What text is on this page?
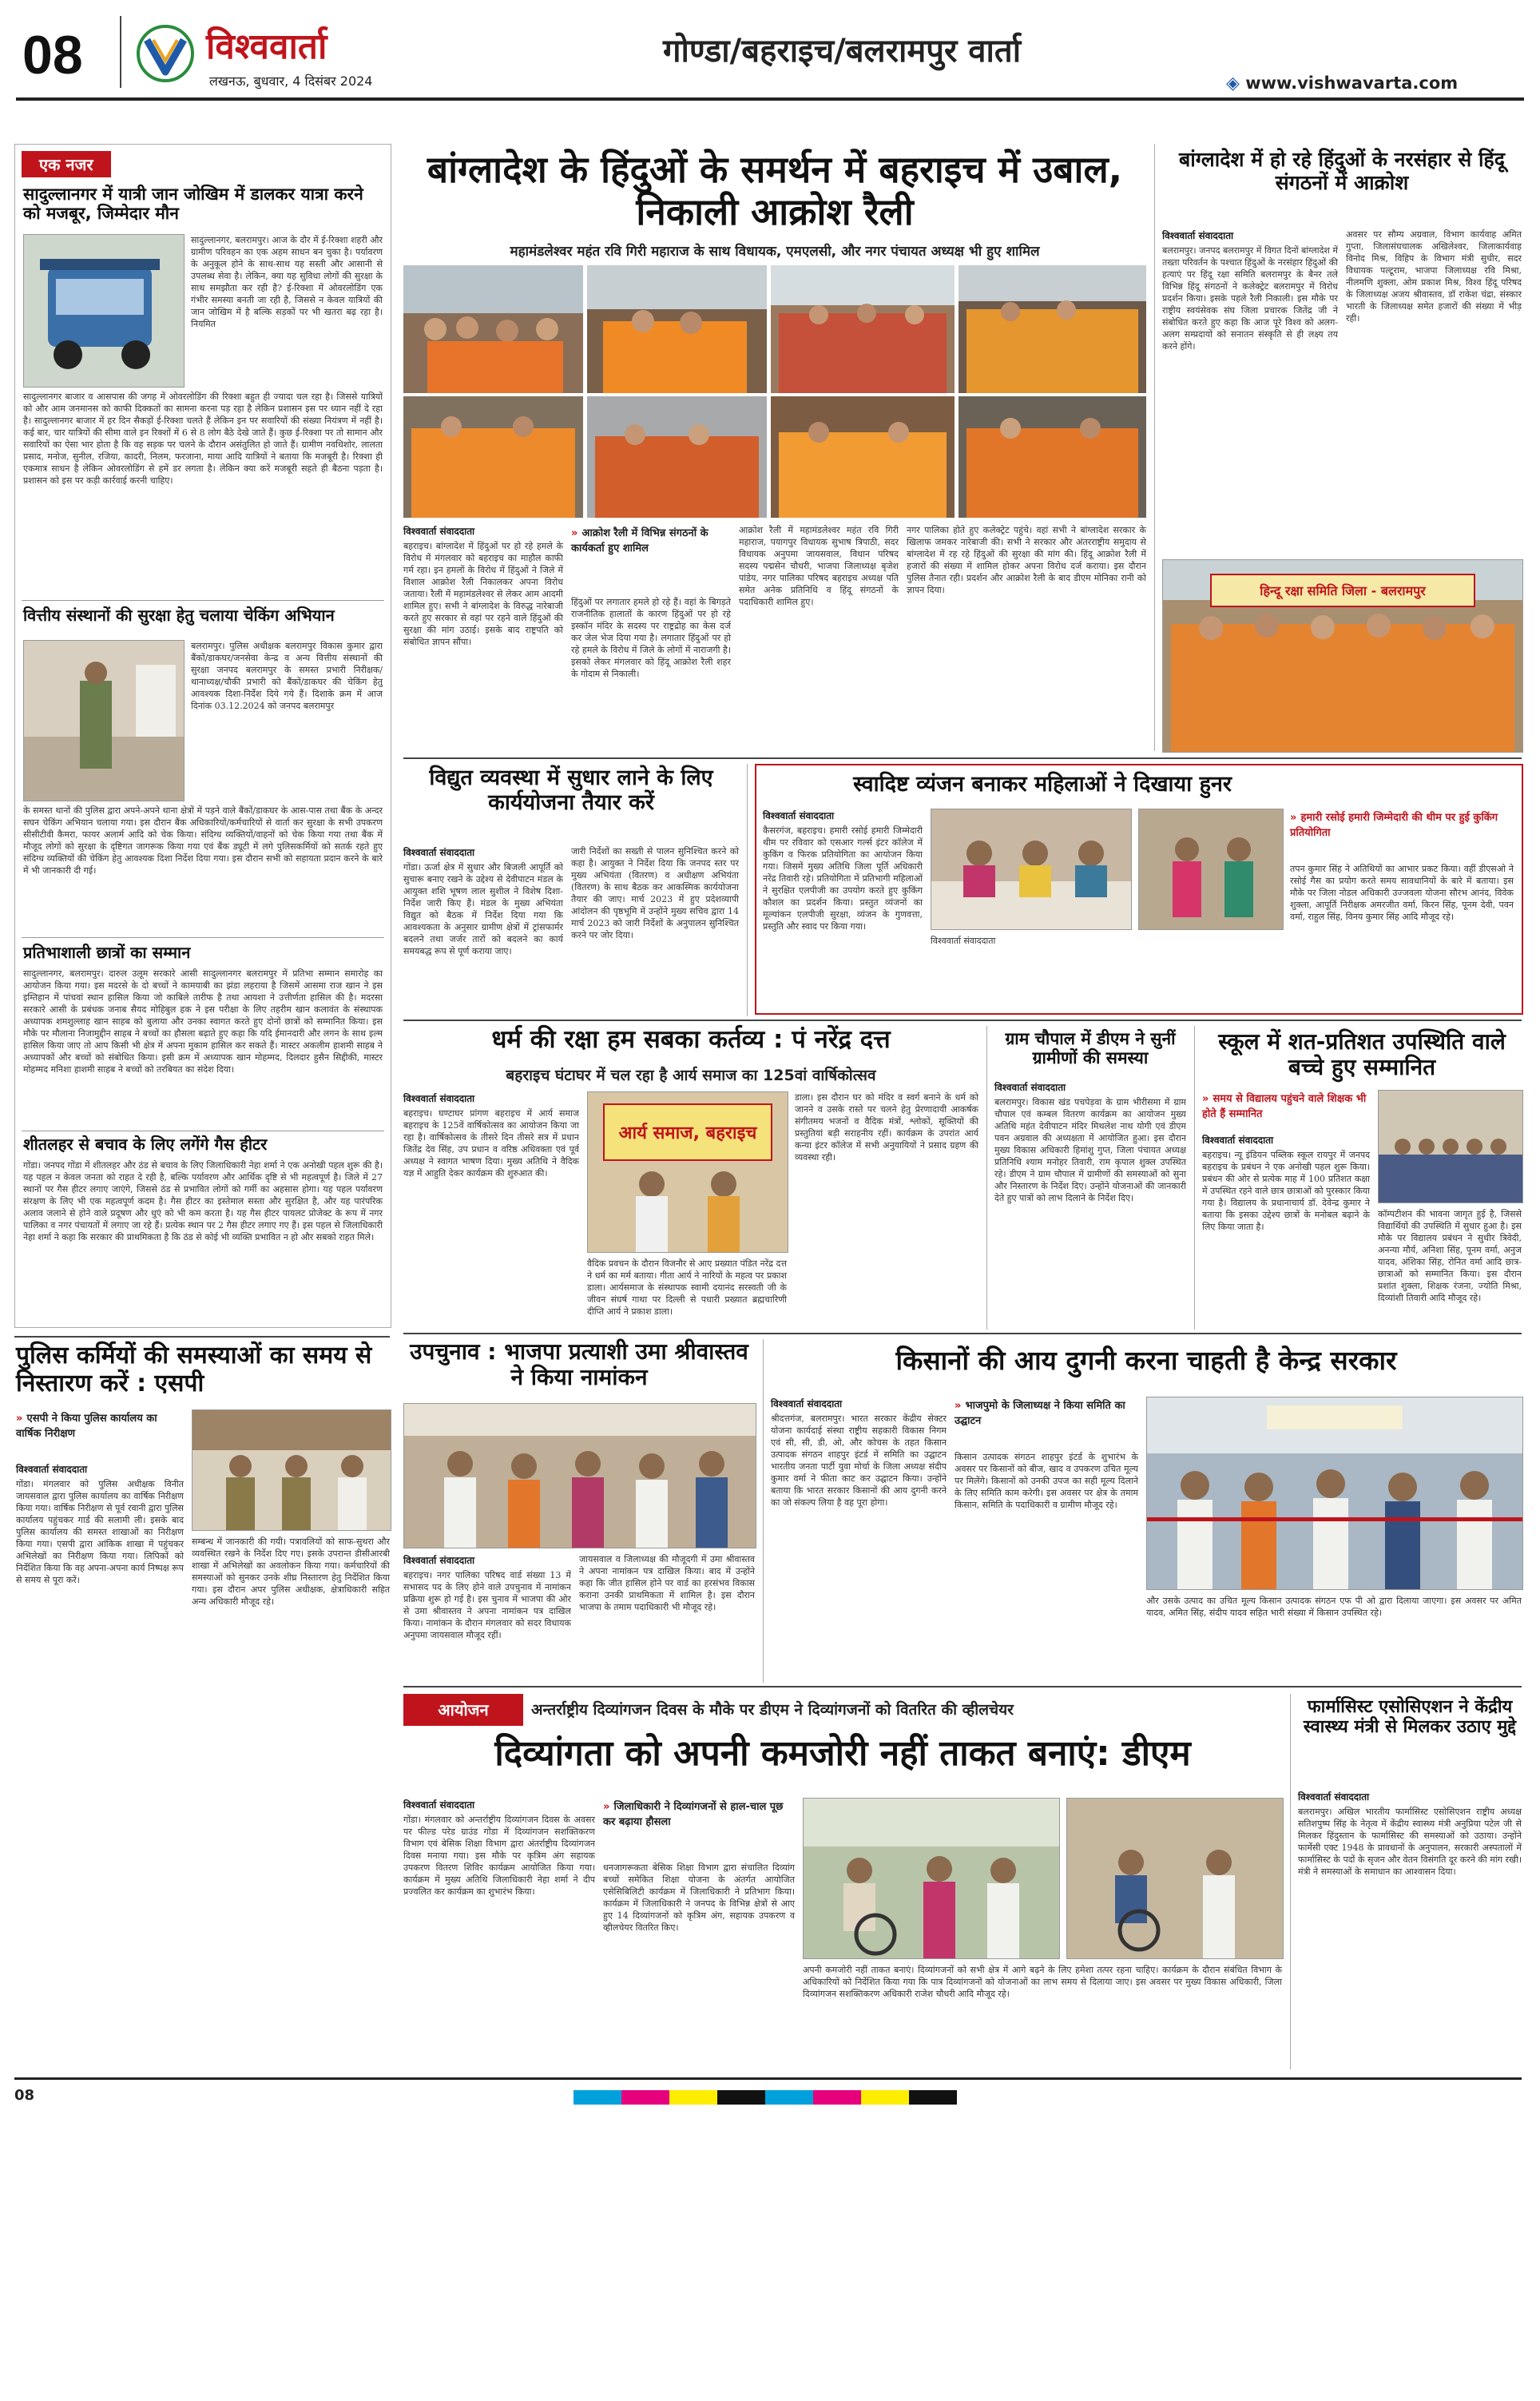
08	विश्ववार्ता
लखनऊ, बुधवार, 4 दिसंबर 2024
गोण्डा/बहराइच/बलरामपुर वार्ता
◈ www.vishwavarta.com
एक नजर
सादुल्लानगर में यात्री जान जोखिम में डालकर यात्रा करने को मजबूर, जिम्मेदार मौन
सादुल्लानगर, बलरामपुर। आज के दौर में ई-रिक्शा शहरी और ग्रामीण परिवहन का एक अहम साधन बन चुका है। पर्यावरण के अनुकूल होने के साथ-साथ यह सस्ती और आसानी से उपलब्ध सेवा है। लेकिन, क्या यह सुविधा लोगों की सुरक्षा के साथ समझौता कर रही है? ई-रिक्शा में ओवरलोडिंग एक गंभीर समस्या बनती जा रही है, जिससे न केवल यात्रियों की जान जोखिम में है बल्कि सड़कों पर भी खतरा बढ़ रहा है। नियमित
सादुल्लानगर बाजार व आसपास की जगह में ओवरलोडिंग की रिक्शा बहुत ही ज्यादा चल रहा है। जिससे यात्रियों को और आम जनमानस को काफी दिक्कतों का सामना करना पड़ रहा है लेकिन प्रशासन इस पर ध्यान नहीं दे रहा है। सादुल्लानगर बाजार में हर दिन सैकड़ों ई-रिक्शा चलते हैं लेकिन इन पर सवारियों की संख्या नियंत्रण में नहीं है। कई बार, चार यात्रियों की सीमा वाले इन रिक्शों में 6 से 8 लोग बैठे देखे जाते हैं। कुछ ई-रिक्शा पर तो सामान और सवारियों का ऐसा भार होता है कि वह सड़क पर चलने के दौरान असंतुलित हो जाते हैं। ग्रामीण नवधिशोर, लालता प्रसाद, मनोज, सुनील, रजिया, कादरी, निलम, फरजाना, माया आदि यात्रियों ने बताया कि मजबूरी है। रिक्शा ही एकमात्र साधन है लेकिन ओवरलोडिंग से हमें डर लगता है। लेकिन क्या करें मजबूरी सहते ही बैठना पड़ता है। प्रशासन को इस पर कड़ी कार्रवाई करनी चाहिए।
वित्तीय संस्थानों की सुरक्षा हेतु चलाया चेकिंग अभियान
बलरामपुर। पुलिस अधीक्षक बलरामपुर विकास कुमार द्वारा बैंकों/डाकघर/जनसेवा केन्द्र व अन्य वित्तीय संस्थानों की सुरक्षा जनपद बलरामपुर के समस्त प्रभारी निरीक्षक/थानाध्यक्ष/चौकी प्रभारी को बैंकों/डाकघर की चेकिंग हेतु आवश्यक दिशा-निर्देश दिये गये हैं। दिशाके क्रम में आज दिनांक 03.12.2024 को जनपद बलरामपुर
के समस्त थानों की पुलिस द्वारा अपने-अपने थाना क्षेत्रों में पड़ने वाले बैंकों/डाकघर के आस-पास तथा बैंक के अन्दर सघन चेकिंग अभियान चलाया गया। इस दौरान बैंक अधिकारियों/कर्मचारियों से वार्ता कर सुरक्षा के सभी उपकरण सीसीटीवी कैमरा, फायर अलार्म आदि को चेक किया। संदिग्ध व्यक्तियों/वाहनों को चेक किया गया तथा बैंक में मौजूद लोगों को सुरक्षा के दृष्टिगत जागरूक किया गया एवं बैंक ड्यूटी में लगे पुलिसकर्मियों को सतर्क रहते हुए संदिग्ध व्यक्तियों की चेकिंग हेतु आवश्यक दिशा निर्देश दिया गया। इस दौरान सभी को सहायता प्रदान करने के बारे में भी जानकारी दी गई।
प्रतिभाशाली छात्रों का सम्मान
सादुल्लानगर, बलरामपुर। दारुल उलूम सरकारे आसी सादुल्लानगर बलरामपुर में प्रतिभा सम्मान समारोह का आयोजन किया गया। इस मदरसे के दो बच्चों ने कामयाबी का झंडा लहराया है जिसमें आसमा राज खान ने इस इम्तिहान में पांचवां स्थान हासिल किया जो काबिले तारीफ है तथा आयशा ने उत्तीर्णता हासिल की है। मदरसा सरकारे आसी के प्रबंधक जनाब सैयद मोहिबुल हक ने इस परीक्षा के लिए तहरीम खान कलावंत के संस्थापक अध्यापक शमशुल्लाह खान साहब को बुलाया और उनका स्वागत करते हुए दोनों छात्रों को सम्मानित किया। इस मौके पर मौलाना निजामुद्दीन साहब ने बच्चों का हौसला बढ़ाते हुए कहा कि यदि ईमानदारी और लगन के साथ इल्म हासिल किया जाए तो आप किसी भी क्षेत्र में अपना मुकाम हासिल कर सकते हैं। मास्टर अकलीम हाशमी साहब ने अध्यापकों और बच्चों को संबोधित किया। इसी क्रम में अध्यापक खान मोहम्मद, दिलदार हुसैन सिद्दीकी, मास्टर मोहम्मद मनिशा हाशमी साहब ने बच्चों को तरबियत का संदेश दिया।
शीतलहर से बचाव के लिए लगेंगे गैस हीटर
गोंडा। जनपद गोंडा में शीतलहर और ठंड से बचाव के लिए जिलाधिकारी नेहा शर्मा ने एक अनोखी पहल शुरू की है। यह पहल न केवल जनता को राहत दे रही है, बल्कि पर्यावरण और आर्थिक दृष्टि से भी महत्वपूर्ण है। जिले में 27 स्थानों पर गैस हीटर लगाए जाएंगे, जिससे ठंड से प्रभावित लोगों को गर्मी का अहसास होगा। यह पहल पर्यावरण संरक्षण के लिए भी एक महत्वपूर्ण कदम है। गैस हीटर का इस्तेमाल सस्ता और सुरक्षित है, और यह पारंपरिक अलाव जलाने से होने वाले प्रदूषण और धुएं को भी कम करता है। यह गैस हीटर पायलट प्रोजेक्ट के रूप में नगर पालिका व नगर पंचायतों में लगाए जा रहे हैं। प्रत्येक स्थान पर 2 गैस हीटर लगाए गए हैं। इस पहल से जिलाधिकारी नेहा शर्मा ने कहा कि सरकार की प्राथमिकता है कि ठंड से कोई भी व्यक्ति प्रभावित न हो और सबको राहत मिले।
बांग्लादेश के हिंदुओं के समर्थन में बहराइच में उबाल, निकाली आक्रोश रैली
महामंडलेश्वर महंत रवि गिरी महाराज के साथ विधायक, एमएलसी, और नगर पंचायत अध्यक्ष भी हुए शामिल
विश्ववार्ता संवाददाता
बहराइच। बांग्लादेश में हिंदुओं पर हो रहे हमले के विरोध में मंगलवार को बहराइच का माहौल काफी गर्म रहा। इन हमलों के विरोध में हिंदुओं ने जिले में विशाल आक्रोश रैली निकालकर अपना विरोध जताया। रैली में महामंडलेश्वर से लेकर आम आदमी शामिल हुए। सभी ने बांग्लादेश के विरुद्ध नारेबाजी करते हुए सरकार से वहां पर रहने वाले हिंदुओं की सुरक्षा की मांग उठाई। इसके बाद राष्ट्रपति को संबोधित ज्ञापन सौंपा।
» आक्रोश रैली में विभिन्न संगठनों के कार्यकर्ता हुए शामिल
हिंदुओं पर लगातार हमले हो रहे हैं। वहां के बिगड़ते राजनीतिक हालातों के कारण हिंदुओं पर हो रहे इस्कॉन मंदिर के सदस्य पर राष्ट्रद्रोह का केस दर्ज कर जेल भेज दिया गया है। लगातार हिंदुओं पर हो रहे हमले के विरोध में जिले के लोगों में नाराजगी है। इसको लेकर मंगलवार को हिंदू आक्रोश रैली शहर के गोदाम से निकाली।
आक्रोश रैली में महामंडलेश्वर महंत रवि गिरी महाराज, पयागपुर विधायक सुभाष त्रिपाठी, सदर विधायक अनुपमा जायसवाल, विधान परिषद सदस्य पद्मसेन चौधरी, भाजपा जिलाध्यक्ष बृजेश पांडेय, नगर पालिका परिषद बहराइच अध्यक्ष पति समेत अनेक प्रतिनिधि व हिंदू संगठनों के पदाधिकारी शामिल हुए।
नगर पालिका होते हुए कलेक्ट्रेट पहुंचे। वहां सभी ने बांग्लादेश सरकार के खिलाफ जमकर नारेबाजी की। सभी ने सरकार और अंतरराष्ट्रीय समुदाय से बांग्लादेश में रह रहे हिंदुओं की सुरक्षा की मांग की। हिंदू आक्रोश रैली में हजारों की संख्या में शामिल होकर अपना विरोध दर्ज कराया। इस दौरान पुलिस तैनात रही। प्रदर्शन और आक्रोश रैली के बाद डीएम मोनिका रानी को ज्ञापन दिया।
बांग्लादेश में हो रहे हिंदुओं के नरसंहार से हिंदू संगठनों में आक्रोश
विश्ववार्ता संवाददाता
बलरामपुर। जनपद बलरामपुर में विगत दिनों बांग्लादेश में तख्ता परिवर्तन के पश्चात हिंदुओं के नरसंहार हिंदुओं की हत्याएं पर हिंदू रक्षा समिति बलरामपुर के बैनर तले विभिन्न हिंदू संगठनों ने कलेक्ट्रेट बलरामपुर में विरोध प्रदर्शन किया। इसके पहले रैली निकाली। इस मौके पर राष्ट्रीय स्वयंसेवक संघ जिला प्रचारक जितेंद्र जी ने संबोधित करते हुए कहा कि आज पूरे विश्व को अलग-अलग सम्प्रदायों को सनातन संस्कृति से ही लक्ष्य तय करने होंगे।
अवसर पर सौम्य अग्रवाल, विभाग कार्यवाह अमित गुप्ता, जिलासंघचालक अखिलेश्वर, जिलाकार्यवाह विनोद मिश्र, विहिप के विभाग मंत्री सुधीर, सदर विधायक पल्टूराम, भाजपा जिलाध्यक्ष रवि मिश्रा, नीलमणि शुक्ला, ओम प्रकाश मिश्र, विश्व हिंदू परिषद के जिलाध्यक्ष अजय श्रीवास्तव, डॉ राकेश चंद्रा, संस्कार भारती के जिलाध्यक्ष समेत हजारों की संख्या में भीड़ रही।
हिन्दू रक्षा समिति जिला - बलरामपुर
विद्युत व्यवस्था में सुधार लाने के लिए कार्ययोजना तैयार करें
विश्ववार्ता संवाददाता
गोंडा। ऊर्जा क्षेत्र में सुधार और बिजली आपूर्ति को सुचारू बनाए रखने के उद्देश्य से देवीपाटन मंडल के आयुक्त शशि भूषण लाल सुशील ने विशेष दिशा-निर्देश जारी किए हैं। मंडल के मुख्य अभियंता विद्युत को बैठक में निर्देश दिया गया कि आवश्यकता के अनुसार ग्रामीण क्षेत्रों में ट्रांसफार्मर बदलने तथा जर्जर तारों को बदलने का कार्य समयबद्ध रूप से पूर्ण कराया जाए।
जारी निर्देशों का सख्ती से पालन सुनिश्चित करने को कहा है। आयुक्त ने निर्देश दिया कि जनपद स्तर पर मुख्य अभियंता (वितरण) व अधीक्षण अभियंता (वितरण) के साथ बैठक कर आकस्मिक कार्ययोजना तैयार की जाए। मार्च 2023 में हुए प्रदेशव्यापी आंदोलन की पृष्ठभूमि में उन्होंने मुख्य सचिव द्वारा 14 मार्च 2023 को जारी निर्देशों के अनुपालन सुनिश्चित करने पर जोर दिया।
स्वादिष्ट व्यंजन बनाकर महिलाओं ने दिखाया हुनर
विश्ववार्ता संवाददाता
कैसरगंज, बहराइच। हमारी रसोई हमारी जिम्मेदारी थीम पर रविवार को एसआर गर्ल्स इंटर कॉलेज में कुकिंग व फिरक प्रतियोगिता का आयोजन किया गया। जिसमें मुख्य अतिथि जिला पूर्ति अधिकारी नरेंद्र तिवारी रहे। प्रतियोगिता में प्रतिभागी महिलाओं ने सुरक्षित एलपीजी का उपयोग करते हुए कुकिंग कौशल का प्रदर्शन किया। प्रस्तुत व्यंजनों का मूल्यांकन एलपीजी सुरक्षा, व्यंजन के गुणवत्ता, प्रस्तुति और स्वाद पर किया गया।
विश्ववार्ता संवाददाता
» हमारी रसोई हमारी जिम्मेदारी की थीम पर हुई कुकिंग प्रतियोगिता
तपन कुमार सिंह ने अतिथियों का आभार प्रकट किया। वहीं डीएसओ ने रसोई गैस का प्रयोग करते समय सावधानियों के बारे में बताया। इस मौके पर जिला नोडल अधिकारी उज्जवला योजना सौरभ आनंद, विवेक शुक्ला, आपूर्ति निरीक्षक अमरजीत वर्मा, किरन सिंह, पूनम देवी, पवन वर्मा, राहुल सिंह, विनय कुमार सिंह आदि मौजूद रहे।
धर्म की रक्षा हम सबका कर्तव्य : पं नरेंद्र दत्त
बहराइच घंटाघर में चल रहा है आर्य समाज का 125वां वार्षिकोत्सव
विश्ववार्ता संवाददाता
बहराइच। घण्टाघर प्रांगण बहराइच में आर्य समाज बहराइच के 125वें वार्षिकोत्सव का आयोजन किया जा रहा है। वार्षिकोत्सव के तीसरे दिन तीसरे सत्र में प्रधान जितेंद्र देव सिंह, उप प्रधान व वरिष्ठ अधिवक्ता एवं पूर्व अध्यक्ष ने स्वागत भाषण दिया। मुख्य अतिथि ने वैदिक यज्ञ में आहुति देकर कार्यक्रम की शुरुआत की।
आर्य समाज, बहराइच
वैदिक प्रवचन के दौरान विजनौर से आए प्रख्यात पंडित नरेंद्र दत्त ने धर्म का मर्म बताया। गीता आर्य ने नारियों के महत्व पर प्रकाश डाला। आर्यसमाज के संस्थापक स्वामी दयानंद सरस्वती जी के जीवन संघर्ष गाथा पर दिल्ली से पधारी प्रख्यात ब्रह्मचारिणी दीप्ति आर्य ने प्रकाश डाला।
डाला। इस दौरान घर को मंदिर व स्वर्ग बनाने के धर्म को जानने व उसके रास्ते पर चलने हेतु प्रेरणादायी आकर्षक संगीतमय भजनों व वैदिक मंत्रों, श्लोकों, सूक्तियों की प्रस्तुतियां बड़ी सराहनीय रहीं। कार्यक्रम के उपरांत आर्य कन्या इंटर कॉलेज में सभी अनुयायियों ने प्रसाद ग्रहण की व्यवस्था रही।
ग्राम चौपाल में डीएम ने सुनीं ग्रामीणों की समस्या
विश्ववार्ता संवाददाता
बलरामपुर। विकास खंड पचपेड़वा के ग्राम भीरीसमा में ग्राम चौपाल एवं कम्बल वितरण कार्यक्रम का आयोजन मुख्य अतिथि महंत देवीपाटन मंदिर मिथलेश नाथ योगी एवं डीएम पवन अग्रवाल की अध्यक्षता में आयोजित हुआ। इस दौरान मुख्य विकास अधिकारी हिमांशु गुप्त, जिला पंचायत अध्यक्ष प्रतिनिधि श्याम मनोहर तिवारी, राम कृपाल शुक्ल उपस्थित रहे। डीएम ने ग्राम चौपाल में ग्रामीणों की समस्याओं को सुना और निस्तारण के निर्देश दिए। उन्होंने योजनाओं की जानकारी देते हुए पात्रों को लाभ दिलाने के निर्देश दिए।
स्कूल में शत-प्रतिशत उपस्थिति वाले बच्चे हुए सम्मानित
» समय से विद्यालय पहुंचने वाले शिक्षक भी होते हैं सम्मानित
विश्ववार्ता संवाददाता
बहराइच। न्यू इंडियन पब्लिक स्कूल रायपुर में जनपद बहराइच के प्रबंधन ने एक अनोखी पहल शुरू किया। प्रबंधन की ओर से प्रत्येक माह में 100 प्रतिशत कक्षा में उपस्थित रहने वाले छात्र छात्राओं को पुरस्कार किया गया है। विद्यालय के प्रधानाचार्य डॉ. देवेन्द्र कुमार ने बताया कि इसका उद्देश्य छात्रों के मनोबल बढ़ाने के लिए किया जाता है।
कॉम्पटीशन की भावना जागृत हुई है, जिससे विद्यार्थियों की उपस्थिति में सुधार हुआ है। इस मौके पर विद्यालय प्रबंधन ने सुधीर त्रिवेदी, अनन्या मौर्य, अनिशा सिंह, पूनम वर्मा, अनुज यादव, अंशिका सिंह, रोनित वर्मा आदि छात्र-छात्राओं को सम्मानित किया। इस दौरान प्रशांत शुक्ला, शिक्षक रंजना, ज्योति मिश्रा, दिव्यांशी तिवारी आदि मौजूद रहे।
उपचुनाव : भाजपा प्रत्याशी उमा श्रीवास्तव ने किया नामांकन
विश्ववार्ता संवाददाता
बहराइच। नगर पालिका परिषद वार्ड संख्या 13 में सभासद पद के लिए होने वाले उपचुनाव में नामांकन प्रक्रिया शुरू हो गई है। इस चुनाव में भाजपा की ओर से उमा श्रीवास्तव ने अपना नामांकन पत्र दाखिल किया। नामांकन के दौरान मंगलवार को सदर विधायक अनुपमा जायसवाल मौजूद रहीं।
जायसवाल व जिलाध्यक्ष की मौजूदगी में उमा श्रीवास्तव ने अपना नामांकन पत्र दाखिल किया। बाद में उन्होंने कहा कि जीत हासिल होने पर वार्ड का हरसंभव विकास कराना उनकी प्राथमिकता में शामिल है। इस दौरान भाजपा के तमाम पदाधिकारी भी मौजूद रहे।
किसानों की आय दुगनी करना चाहती है केन्द्र सरकार
विश्ववार्ता संवाददाता
श्रीदत्तगंज, बलरामपुर। भारत सरकार केंद्रीय सेक्टर योजना कार्यदाई संस्था राष्ट्रीय सहकारी विकास निगम एवं सी, सी, डी, ओ, और कोचस के तहत किसान उत्पादक संगठन शाहपुर इंटर्ड में समिति का उद्घाटन भारतीय जनता पार्टी युवा मोर्चा के जिला अध्यक्ष संदीप कुमार वर्मा ने फीता काट कर उद्घाटन किया। उन्होंने बताया कि भारत सरकार किसानों की आय दुगनी करने का जो संकल्प लिया है वह पूरा होगा।
» भाजपुमो के जिलाध्यक्ष ने किया समिति का उद्घाटन
किसान उत्पादक संगठन शाहपुर इंटर्ड के शुभारंभ के अवसर पर किसानों को बीज, खाद व उपकरण उचित मूल्य पर मिलेंगे। किसानों को उनकी उपज का सही मूल्य दिलाने के लिए समिति काम करेगी। इस अवसर पर क्षेत्र के तमाम किसान, समिति के पदाधिकारी व ग्रामीण मौजूद रहे।
और उसके उत्पाद का उचित मूल्य किसान उत्पादक संगठन एफ पी ओ द्वारा दिलाया जाएगा। इस अवसर पर अमित यादव, अमित सिंह, संदीप यादव सहित भारी संख्या में किसान उपस्थित रहे।
पुलिस कर्मियों की समस्याओं का समय से निस्तारण करें : एसपी
» एसपी ने किया पुलिस कार्यालय का वार्षिक निरीक्षण
विश्ववार्ता संवाददाता
गोंडा। मंगलवार को पुलिस अधीक्षक विनीत जायसवाल द्वारा पुलिस कार्यालय का वार्षिक निरीक्षण किया गया। वार्षिक निरीक्षण से पूर्व रवानी द्वारा पुलिस कार्यालय पहुंचकर गार्ड की सलामी ली। इसके बाद पुलिस कार्यालय की समस्त शाखाओं का निरीक्षण किया गया। एसपी द्वारा आंकिक शाखा में पहुंचकर अभिलेखों का निरीक्षण किया गया। लिपिकों को निर्देशित किया कि वह अपना-अपना कार्य निष्पक्ष रूप से समय से पूरा करें।
सम्बन्ध में जानकारी की गयी। पत्रावलियों को साफ-सुथरा और व्यवस्थित रखने के निर्देश दिए गए। इसके उपरान्त डीसीआरबी शाखा में अभिलेखों का अवलोकन किया गया। कर्मचारियों की समस्याओं को सुनकर उनके शीघ्र निस्तारण हेतु निर्देशित किया गया। इस दौरान अपर पुलिस अधीक्षक, क्षेत्राधिकारी सहित अन्य अधिकारी मौजूद रहे।
आयोजन	अन्तर्राष्ट्रीय दिव्यांगजन दिवस के मौके पर डीएम ने दिव्यांगजनों को वितरित की व्हीलचेयर
दिव्यांगता को अपनी कमजोरी नहीं ताकत बनाएं: डीएम
विश्ववार्ता संवाददाता
गोंडा। मंगलवार को अन्तर्राष्ट्रीय दिव्यांगजन दिवस के अवसर पर फील्ड परेड ग्राउंड गोंडा में दिव्यांगजन सशक्तिकरण विभाग एवं बेसिक शिक्षा विभाग द्वारा अंतर्राष्ट्रीय दिव्यांगजन दिवस मनाया गया। इस मौके पर कृत्रिम अंग सहायक उपकरण वितरण शिविर कार्यक्रम आयोजित किया गया। कार्यक्रम में मुख्य अतिथि जिलाधिकारी नेहा शर्मा ने दीप प्रज्वलित कर कार्यक्रम का शुभारंभ किया।
» जिलाधिकारी ने दिव्यांगजनों से हाल-चाल पूछ कर बढ़ाया हौसला
धनजागरूकता बेसिक शिक्षा विभाग द्वारा संचालित दिव्यांग बच्चों समेकित शिक्षा योजना के अंतर्गत आयोजित एसेसिबिलिटी कार्यक्रम में जिलाधिकारी ने प्रतिभाग किया। कार्यक्रम में जिलाधिकारी ने जनपद के विभिन्न क्षेत्रों से आए हुए 14 दिव्यांगजनों को कृत्रिम अंग, सहायक उपकरण व व्हीलचेयर वितरित किए।
अपनी कमजोरी नहीं ताकत बनाएं। दिव्यांगजनों को सभी क्षेत्र में आगे बढ़ने के लिए हमेशा तत्पर रहना चाहिए। कार्यक्रम के दौरान संबंधित विभाग के अधिकारियों को निर्देशित किया गया कि पात्र दिव्यांगजनों को योजनाओं का लाभ समय से दिलाया जाए। इस अवसर पर मुख्य विकास अधिकारी, जिला दिव्यांगजन सशक्तिकरण अधिकारी राजेश चौधरी आदि मौजूद रहे।
फार्मासिस्ट एसोसिएशन ने केंद्रीय स्वास्थ्य मंत्री से मिलकर उठाए मुद्दे
विश्ववार्ता संवाददाता
बलरामपुर। अखिल भारतीय फार्मासिस्ट एसोसिएशन राष्ट्रीय अध्यक्ष सतिशपुष्प सिंह के नेतृत्व में केंद्रीय स्वास्थ्य मंत्री अनुप्रिया पटेल जी से मिलकर हिंदुस्तान के फार्मासिस्ट की समस्याओं को उठाया। उन्होंने फार्मेसी एक्ट 1948 के प्रावधानों के अनुपालन, सरकारी अस्पतालों में फार्मासिस्ट के पदों के सृजन और वेतन विसंगति दूर करने की मांग रखी। मंत्री ने समस्याओं के समाधान का आश्वासन दिया।
08
